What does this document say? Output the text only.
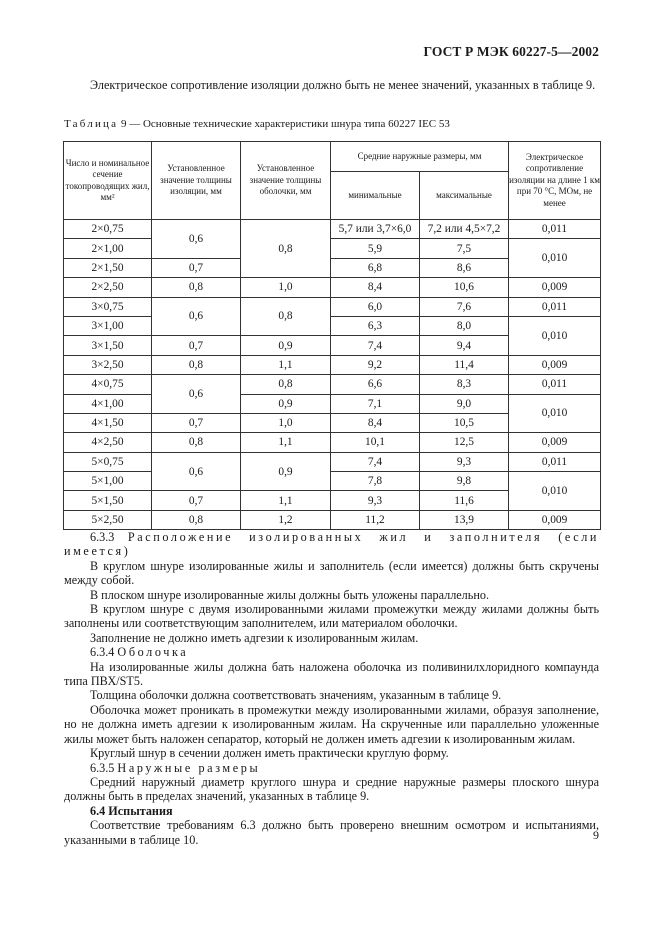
ГОСТ Р МЭК 60227-5—2002

Электрическое сопротивление изоляции должно быть не менее значений, указанных в таблице 9.

Таблица 9 — Основные технические характеристики шнура типа 60227 IEC 53
Число и номинальное сечение токопроводящих жил, мм²	Установленное значение толщины изоляции, мм	Установленное значение толщины оболочки, мм	Средние наружные размеры, мм		Электрическое сопротивление изоляции на длине 1 км при 70 °С, МОм, не менее
			минимальные	максимальные	
2×0,75	0,6	0,8	5,7 или 3,7×6,0	7,2 или 4,5×7,2	0,011
2×1,00			5,9	7,5	0,010
2×1,50	0,7		6,8	8,6	
2×2,50	0,8	1,0	8,4	10,6	0,009
3×0,75	0,6	0,8	6,0	7,6	0,011
3×1,00			6,3	8,0	0,010
3×1,50	0,7	0,9	7,4	9,4	
3×2,50	0,8	1,1	9,2	11,4	0,009
4×0,75	0,6	0,8	6,6	8,3	0,011
4×1,00		0,9	7,1	9,0	0,010
4×1,50	0,7	1,0	8,4	10,5	
4×2,50	0,8	1,1	10,1	12,5	0,009
5×0,75	0,6	0,9	7,4	9,3	0,011
5×1,00			7,8	9,8	0,010
5×1,50	0,7	1,1	9,3	11,6	
5×2,50	0,8	1,2	11,2	13,9	0,009
6.3.3 Расположение изолированных жил и заполнителя (если имеется)
В круглом шнуре изолированные жилы и заполнитель (если имеется) должны быть скручены между собой.
В плоском шнуре изолированные жилы должны быть уложены параллельно.
В круглом шнуре с двумя изолированными жилами промежутки между жилами должны быть заполнены или соответствующим заполнителем, или материалом оболочки.
Заполнение не должно иметь адгезии к изолированным жилам.
6.3.4 Оболочка
На изолированные жилы должна бать наложена оболочка из поливинилхлоридного компаунда типа ПВХ/ST5.
Толщина оболочки должна соответствовать значениям, указанным в таблице 9.
Оболочка может проникать в промежутки между изолированными жилами, образуя заполнение, но не должна иметь адгезии к изолированным жилам. На скрученные или параллельно уложенные жилы может быть наложен сепаратор, который не должен иметь адгезии к изолированным жилам.
Круглый шнур в сечении должен иметь практически круглую форму.
6.3.5 Наружные размеры
Средний наружный диаметр круглого шнура и средние наружные размеры плоского шнура должны быть в пределах значений, указанных в таблице 9.
6.4 Испытания
Соответствие требованиям 6.3 должно быть проверено внешним осмотром и испытаниями, указанными в таблице 10.	9
